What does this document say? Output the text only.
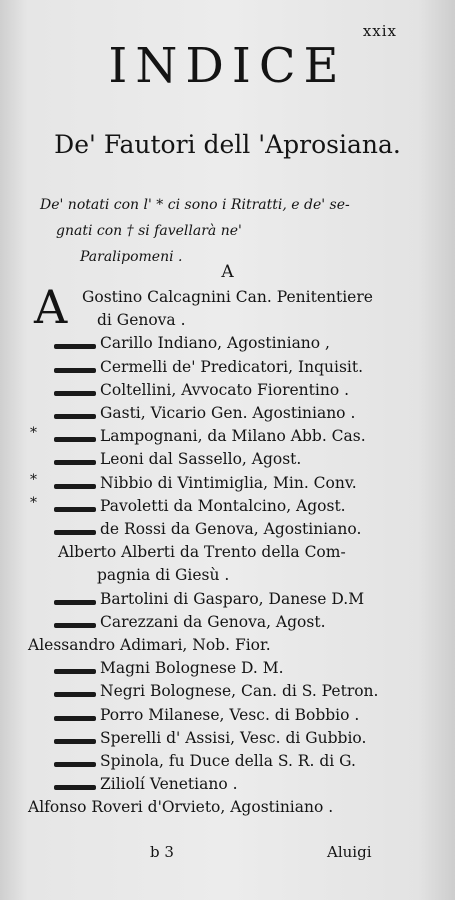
xxix
INDICE
De' Fautori dell 'Aprosiana.
De' notati con l' * ci sono i Ritratti, e de' se-
gnati con † si favellarà ne'
Paralipomeni .
A
A Gostino Calcagnini Can. Penitentiere
di Genova .
Carillo Indiano, Agostiniano ,
Cermelli de' Predicatori, Inquisit.
Coltellini, Avvocato Fiorentino .
Gasti, Vicario Gen. Agostiniano .
*	Lampognani, da Milano Abb. Cas.
Leoni dal Sassello, Agost.
*	Nibbio di Vintimiglia, Min. Conv.
*	Pavoletti da Montalcino, Agost.
de Rossi da Genova, Agostiniano.
Alberto Alberti da Trento della Com-
pagnia di Giesù .
Bartolini di Gasparo, Danese D.M
Carezzani da Genova, Agost.
Alessandro Adimari, Nob. Fior.
Magni Bolognese D. M.
Negri Bolognese, Can. di S. Petron.
Porro Milanese, Vesc. di Bobbio .
Sperelli d' Assisi, Vesc. di Gubbio.
Spinola, fu Duce della S. R. di G.
Ziliolí Venetiano .
Alfonso Roveri d'Orvieto, Agostiniano .
b 3	Aluigi
